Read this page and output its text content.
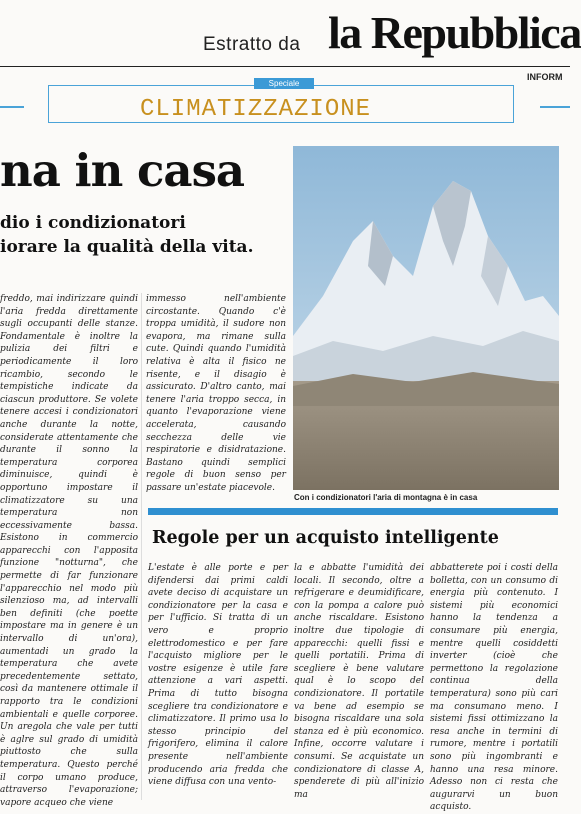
Estratto da la Repubblica
INFORM
Speciale
CLIMATIZZAZIONE
na in casa
dio i condizionatori
iorare la qualità della vita.
Con i condizionatori l'aria di montagna è in casa

freddo, mai indirizzare quindi l'aria fredda direttamente sugli occupanti delle stanze. Fondamentale è inoltre la pulizia dei filtri e periodicamente il loro ricambio, secondo le tempistiche indicate da ciascun produttore. Se volete tenere accesi i condizionatori anche durante la notte, considerate attentamente che durante il sonno la temperatura corporea diminuisce, quindi è opportuno impostare il climatizzatore su una temperatura non eccessivamente bassa. Esistono in commercio apparecchi con l'apposita funzione "notturna", che permette di far funzionare l'apparecchio nel modo più silenzioso ma, ad intervalli ben definiti (che poette impostare ma in genere è un intervallo di un'ora), aumentadi un grado la temperatura che avete precedentemente settato, così da mantenere ottimale il rapporto tra le condizioni ambientali e quelle corporee. Un aregola che vale per tutti è aglre sul grado di umidità piuttosto che sulla temperatura. Questo perché il corpo umano produce, attraverso l'evaporazione; vapore acqueo che viene

immesso nell'ambiente circostante. Quando c'è troppa umidità, il sudore non evapora, ma rimane sulla cute. Quindi quando l'umidità relativa è alta il fisico ne risente, e il disagio è assicurato. D'altro canto, mai tenere l'aria troppo secca, in quanto l'evaporazione viene accelerata, causando secchezza delle vie respiratorie e disidratazione. Bastano quindi semplici regole di buon senso per passare un'estate piacevole.

Regole per un acquisto intelligente

L'estate è alle porte e per difendersi dai primi caldi avete deciso di acquistare un condizionatore per la casa e per l'ufficio. Si tratta di un vero e proprio elettrodomestico e per fare l'acquisto migliore per le vostre esigenze è utile fare attenzione a vari aspetti. Prima di tutto bisogna scegliere tra condizionatore e climatizzatore. Il primo usa lo stesso principio del frigorifero, elimina il calore presente nell'ambiente producendo aria fredda che viene diffusa con una vento-

la e abbatte l'umidità dei locali. Il secondo, oltre a refrigerare e deumidificare, con la pompa a calore può anche riscaldare. Esistono inoltre due tipologie di apparecchi: quelli fissi e quelli portatili. Prima di scegliere è bene valutare qual è lo scopo del condizionatore. Il portatile va bene ad esempio se bisogna riscaldare una sola stanza ed è più economico. Infine, occorre valutare i consumi. Se acquistate un condizionatore di classe A, spenderete di più all'inizio ma

abbatterete poi i costi della bolletta, con un consumo di energia più contenuto. I sistemi più economici hanno la tendenza a consumare più energia, mentre quelli cosiddetti inverter (cioè che permettono la regolazione continua della temperatura) sono più cari ma consumano meno. I sistemi fissi ottimizzano la resa anche in termini di rumore, mentre i portatili sono più ingombranti e hanno una resa minore. Adesso non ci resta che augurarvi un buon acquisto.
